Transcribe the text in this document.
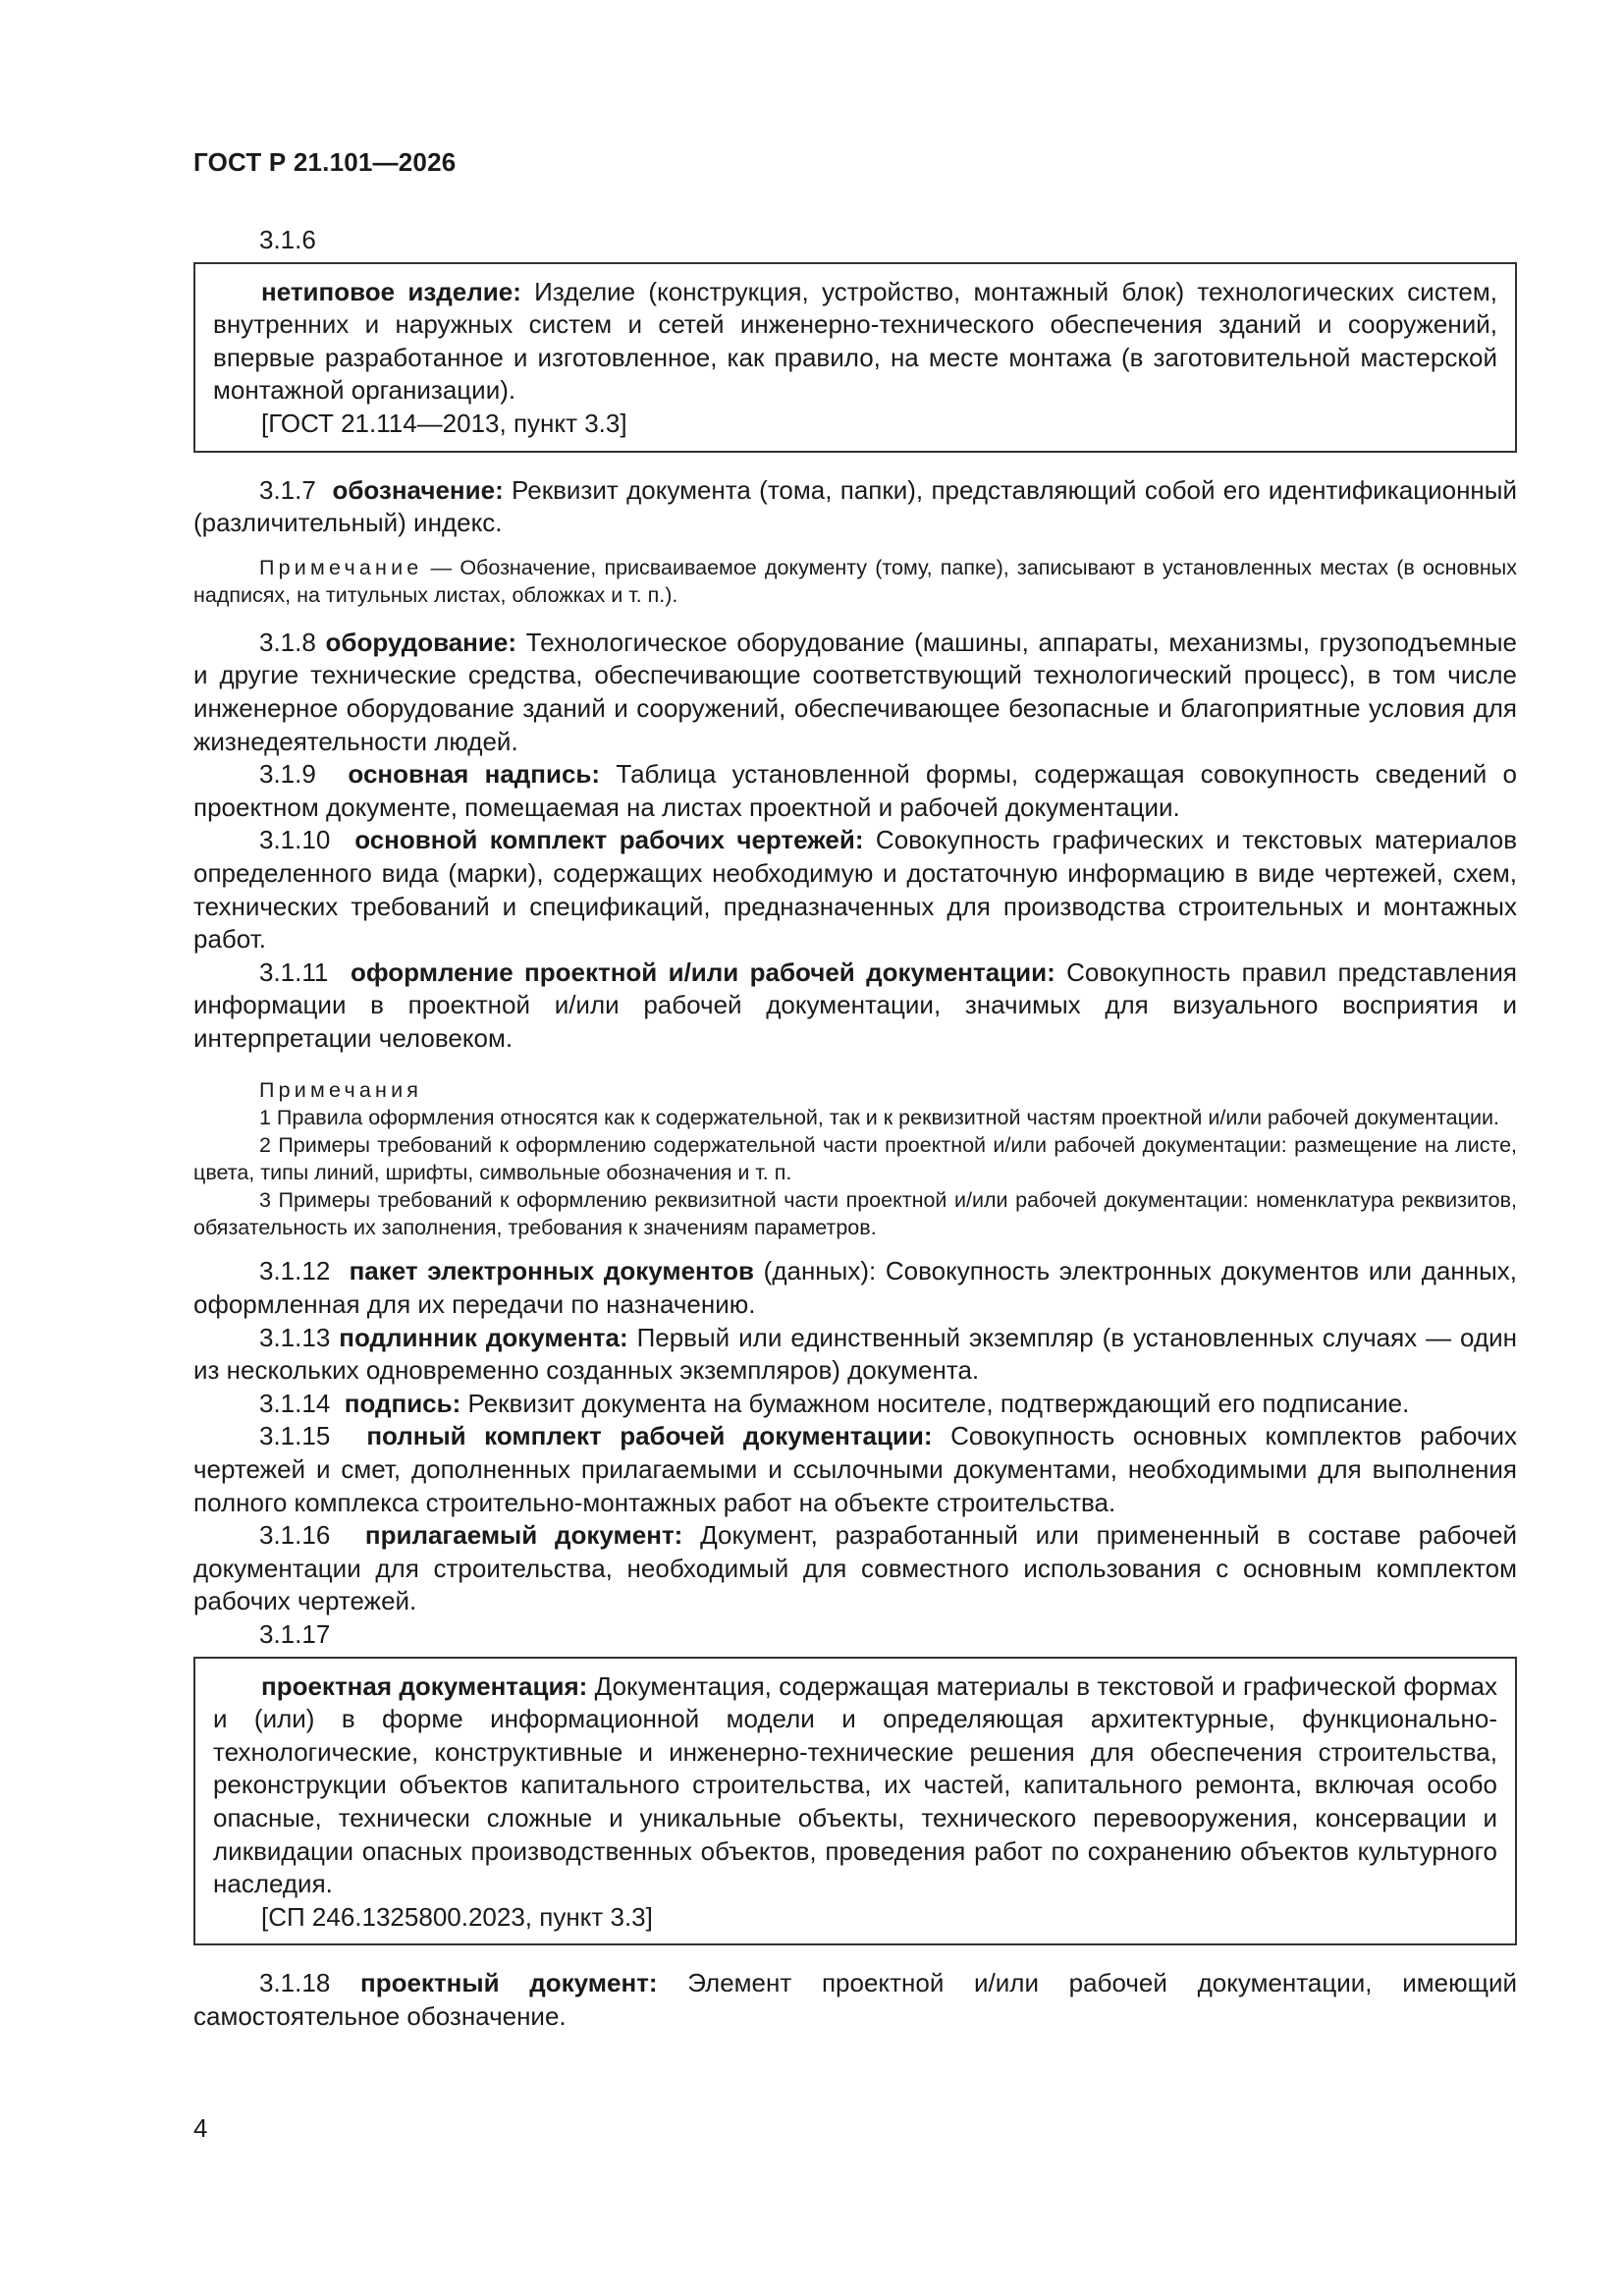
ГОСТ Р 21.101—2026

3.1.6

нетиповое изделие: Изделие (конструкция, устройство, монтажный блок) технологических систем, внутренних и наружных систем и сетей инженерно-технического обеспечения зданий и сооружений, впервые разработанное и изготовленное, как правило, на месте монтажа (в заготовительной мастерской монтажной организации).

[ГОСТ 21.114—2013, пункт 3.3]

3.1.7 обозначение: Реквизит документа (тома, папки), представляющий собой его идентификационный (различительный) индекс.

Примечание — Обозначение, присваиваемое документу (тому, папке), записывают в установленных местах (в основных надписях, на титульных листах, обложках и т. п.).

3.1.8 оборудование: Технологическое оборудование (машины, аппараты, механизмы, грузоподъемные и другие технические средства, обеспечивающие соответствующий технологический процесс), в том числе инженерное оборудование зданий и сооружений, обеспечивающее безопасные и благоприятные условия для жизнедеятельности людей.

3.1.9 основная надпись: Таблица установленной формы, содержащая совокупность сведений о проектном документе, помещаемая на листах проектной и рабочей документации.

3.1.10 основной комплект рабочих чертежей: Совокупность графических и текстовых материалов определенного вида (марки), содержащих необходимую и достаточную информацию в виде чертежей, схем, технических требований и спецификаций, предназначенных для производства строительных и монтажных работ.

3.1.11 оформление проектной и/или рабочей документации: Совокупность правил представления информации в проектной и/или рабочей документации, значимых для визуального восприятия и интерпретации человеком.

Примечания

1 Правила оформления относятся как к содержательной, так и к реквизитной частям проектной и/или рабочей документации.

2 Примеры требований к оформлению содержательной части проектной и/или рабочей документации: размещение на листе, цвета, типы линий, шрифты, символьные обозначения и т. п.

3 Примеры требований к оформлению реквизитной части проектной и/или рабочей документации: номенклатура реквизитов, обязательность их заполнения, требования к значениям параметров.

3.1.12 пакет электронных документов (данных): Совокупность электронных документов или данных, оформленная для их передачи по назначению.

3.1.13 подлинник документа: Первый или единственный экземпляр (в установленных случаях — один из нескольких одновременно созданных экземпляров) документа.

3.1.14 подпись: Реквизит документа на бумажном носителе, подтверждающий его подписание.

3.1.15 полный комплект рабочей документации: Совокупность основных комплектов рабочих чертежей и смет, дополненных прилагаемыми и ссылочными документами, необходимыми для выполнения полного комплекса строительно-монтажных работ на объекте строительства.

3.1.16 прилагаемый документ: Документ, разработанный или примененный в составе рабочей документации для строительства, необходимый для совместного использования с основным комплектом рабочих чертежей.

3.1.17

проектная документация: Документация, содержащая материалы в текстовой и графической формах и (или) в форме информационной модели и определяющая архитектурные, функционально-технологические, конструктивные и инженерно-технические решения для обеспечения строительства, реконструкции объектов капитального строительства, их частей, капитального ремонта, включая особо опасные, технически сложные и уникальные объекты, технического перевооружения, консервации и ликвидации опасных производственных объектов, проведения работ по сохранению объектов культурного наследия.

[СП 246.1325800.2023, пункт 3.3]

3.1.18 проектный документ: Элемент проектной и/или рабочей документации, имеющий самостоятельное обозначение.

4
